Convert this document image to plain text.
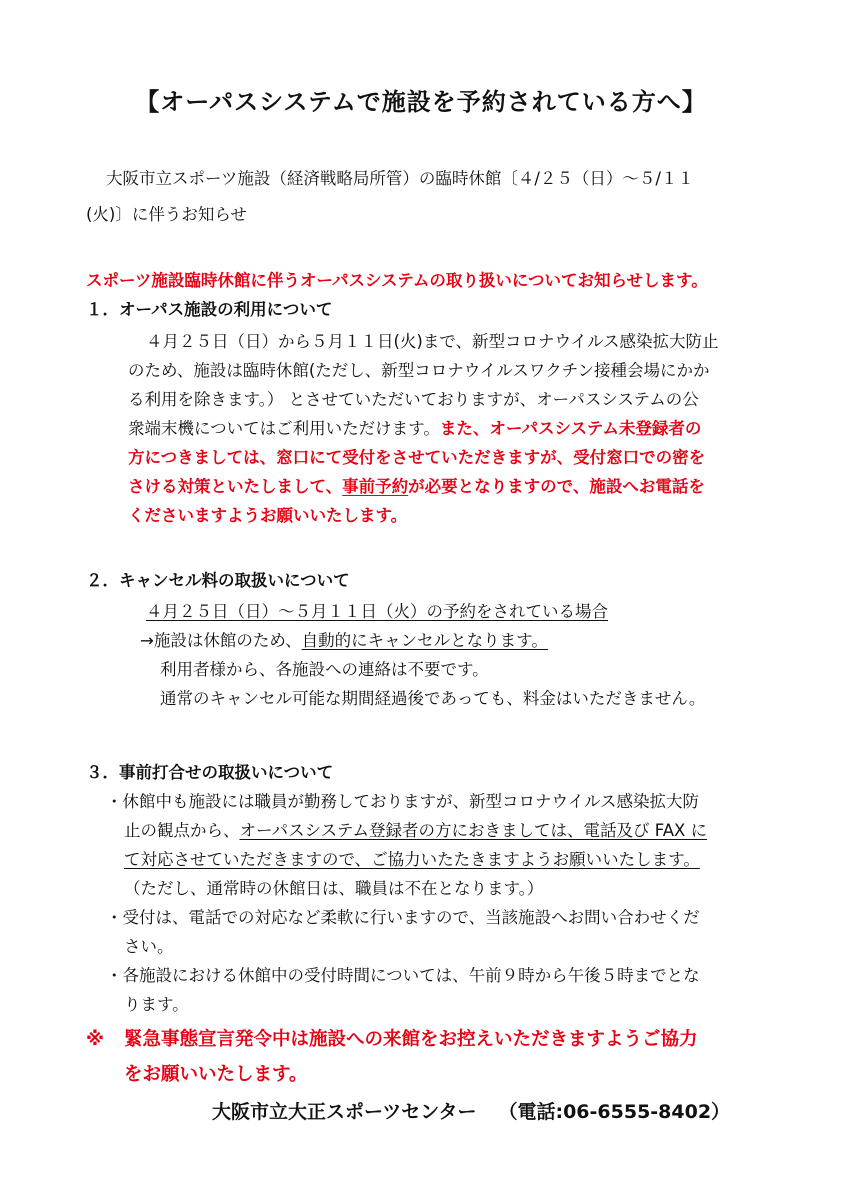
【オーパスシステムで施設を予約されている方へ】
大阪市立スポーツ施設（経済戦略局所管）の臨時休館〔４/２５（日）～５/１１
(火)〕に伴うお知らせ
スポーツ施設臨時休館に伴うオーパスシステムの取り扱いについてお知らせします。
１．オーパス施設の利用について
４月２５日（日）から５月１１日(火)まで、新型コロナウイルス感染拡大防止
のため、施設は臨時休館(ただし、新型コロナウイルスワクチン接種会場にかか
る利用を除きます。） とさせていただいておりますが、オーパスシステムの公
衆端末機についてはご利用いただけます。また、オーパスシステム未登録者の
方につきましては、窓口にて受付をさせていただきますが、受付窓口での密を
さける対策といたしまして、事前予約が必要となりますので、施設へお電話を
くださいますようお願いいたします。
２．キャンセル料の取扱いについて
４月２５日（日）～５月１１日（火）の予約をされている場合
→施設は休館のため、自動的にキャンセルとなります。
利用者様から、各施設への連絡は不要です。
通常のキャンセル可能な期間経過後であっても、料金はいただきません。
３．事前打合せの取扱いについて
・休館中も施設には職員が勤務しておりますが、新型コロナウイルス感染拡大防
止の観点から、オーパスシステム登録者の方におきましては、電話及び FAX に
て対応させていただきますので、ご協力いたたきますようお願いいたします。
（ただし、通常時の休館日は、職員は不在となります。）
・受付は、電話での対応など柔軟に行いますので、当該施設へお問い合わせくだ
さい。
・各施設における休館中の受付時間については、午前９時から午後５時までとな
ります。
※ 緊急事態宣言発令中は施設への来館をお控えいただきますようご協力
をお願いいたします。
大阪市立大正スポーツセンター （電話:06-6555-8402）
